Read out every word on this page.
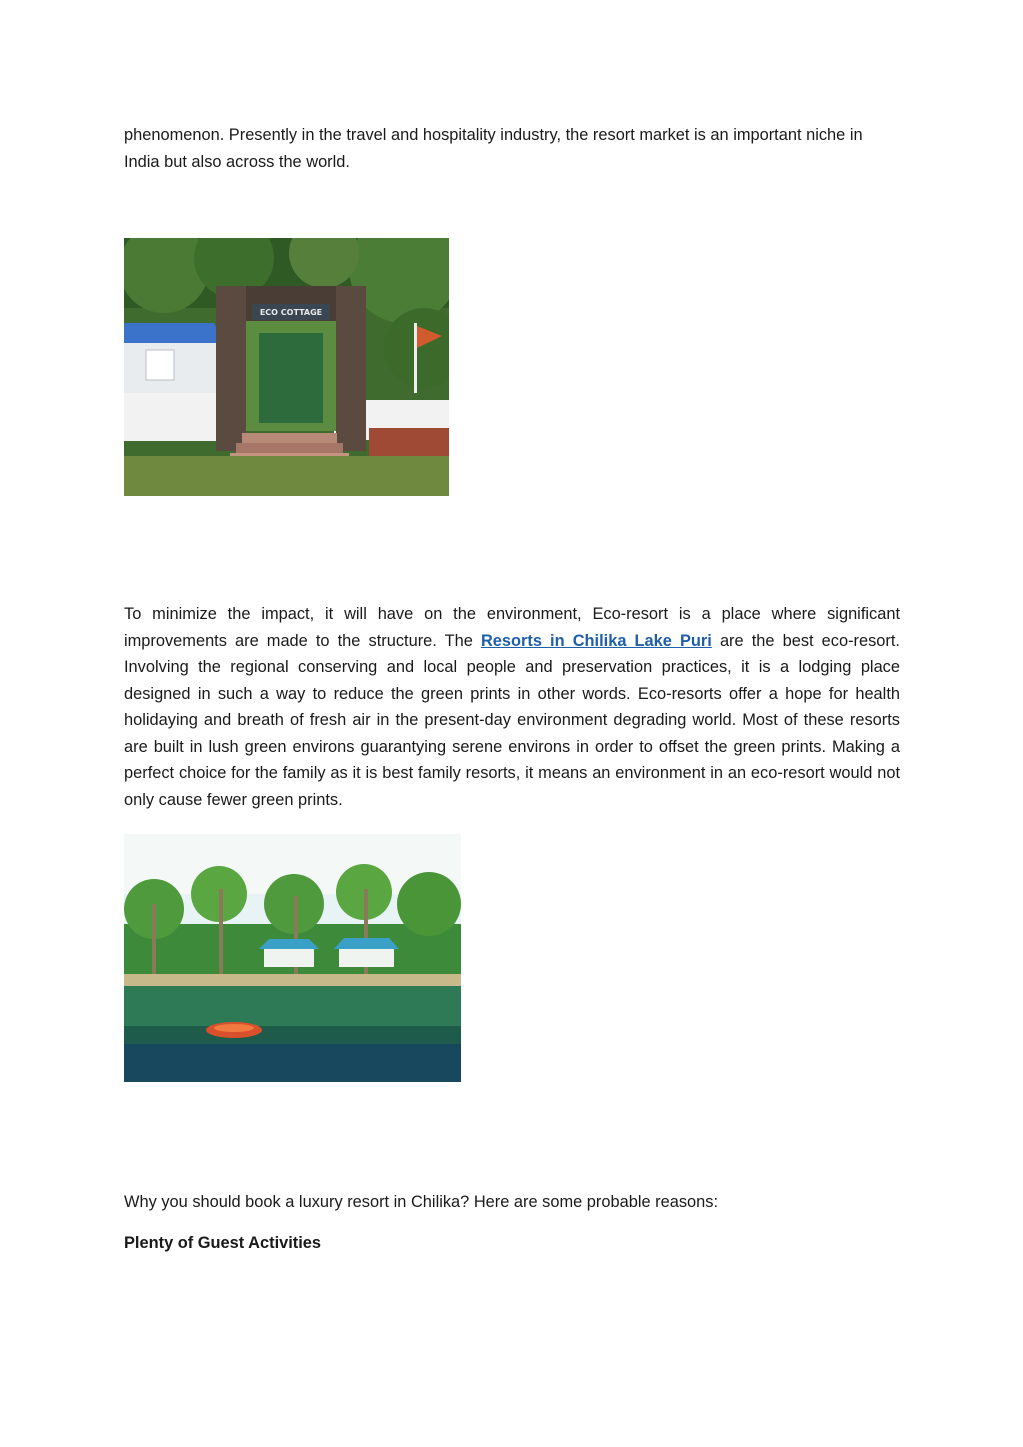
phenomenon. Presently in the travel and hospitality industry, the resort market is an important niche in India but also across the world.

ECO COTTAGE

To minimize the impact, it will have on the environment, Eco-resort is a place where significant improvements are made to the structure. The Resorts in Chilika Lake Puri are the best eco-resort. Involving the regional conserving and local people and preservation practices, it is a lodging place designed in such a way to reduce the green prints in other words. Eco-resorts offer a hope for health holidaying and breath of fresh air in the present-day environment degrading world. Most of these resorts are built in lush green environs guarantying serene environs in order to offset the green prints. Making a perfect choice for the family as it is best family resorts, it means an environment in an eco-resort would not only cause fewer green prints.

Why you should book a luxury resort in Chilika? Here are some probable reasons:

Plenty of Guest Activities
